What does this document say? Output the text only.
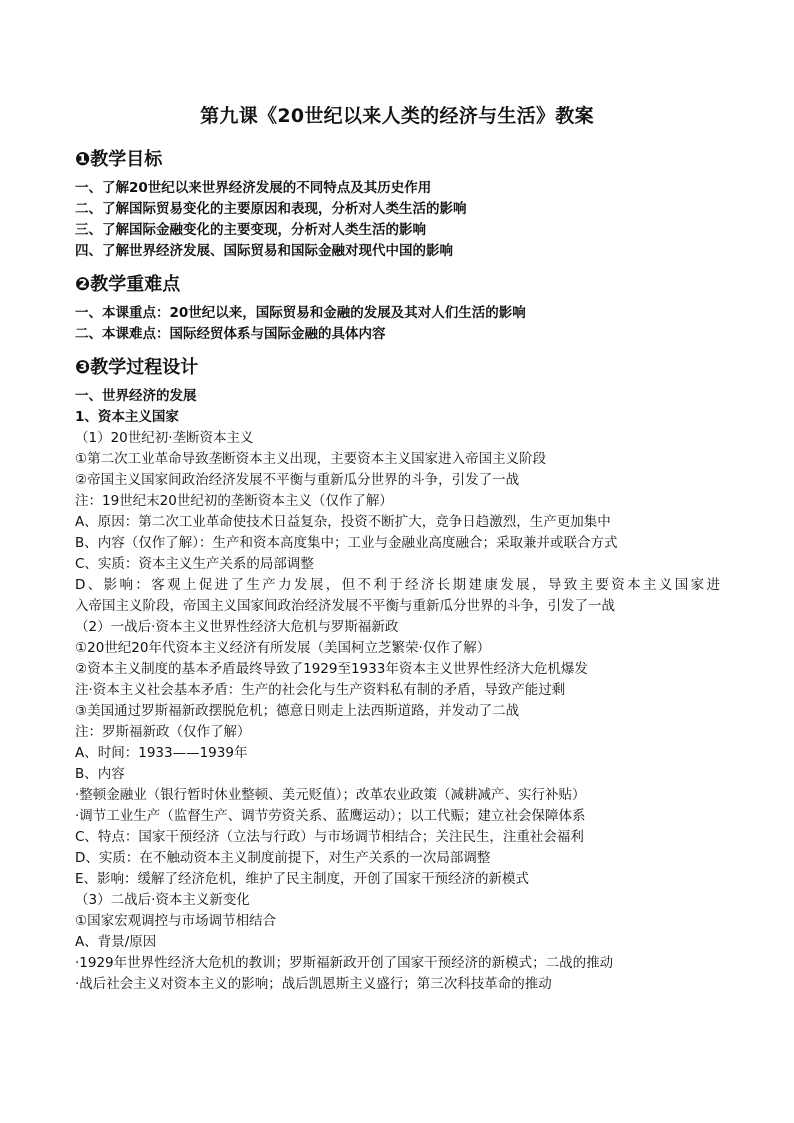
第九课《20世纪以来人类的经济与生活》教案
❶教学目标
一、了解20世纪以来世界经济发展的不同特点及其历史作用
二、了解国际贸易变化的主要原因和表现，分析对人类生活的影响
三、了解国际金融变化的主要变现，分析对人类生活的影响
四、了解世界经济发展、国际贸易和国际金融对现代中国的影响
❷教学重难点
一、本课重点：20世纪以来，国际贸易和金融的发展及其对人们生活的影响
二、本课难点：国际经贸体系与国际金融的具体内容
❸教学过程设计
一、世界经济的发展
1、资本主义国家
（1）20世纪初·垄断资本主义
①第二次工业革命导致垄断资本主义出现，主要资本主义国家进入帝国主义阶段
②帝国主义国家间政治经济发展不平衡与重新瓜分世界的斗争，引发了一战
注：19世纪末20世纪初的垄断资本主义（仅作了解）
A、原因：第二次工业革命使技术日益复杂，投资不断扩大，竞争日趋激烈，生产更加集中
B、内容（仅作了解）：生产和资本高度集中；工业与金融业高度融合；采取兼并或联合方式
C、实质：资本主义生产关系的局部调整
D、影响：客观上促进了生产力发展，但不利于经济长期建康发展，导致主要资本主义国家进
入帝国主义阶段，帝国主义国家间政治经济发展不平衡与重新瓜分世界的斗争，引发了一战
（2）一战后·资本主义世界性经济大危机与罗斯福新政
①20世纪20年代资本主义经济有所发展（美国柯立芝繁荣·仅作了解）
②资本主义制度的基本矛盾最终导致了1929至1933年资本主义世界性经济大危机爆发
注·资本主义社会基本矛盾：生产的社会化与生产资料私有制的矛盾，导致产能过剩
③美国通过罗斯福新政摆脱危机；德意日则走上法西斯道路，并发动了二战
注：罗斯福新政（仅作了解）
A、时间：1933——1939年
B、内容
·整顿金融业（银行暂时休业整顿、美元贬值）；改革农业政策（减耕减产、实行补贴）
·调节工业生产（监督生产、调节劳资关系、蓝鹰运动）；以工代赈；建立社会保障体系
C、特点：国家干预经济（立法与行政）与市场调节相结合；关注民生，注重社会福利
D、实质：在不触动资本主义制度前提下，对生产关系的一次局部调整
E、影响：缓解了经济危机，维护了民主制度，开创了国家干预经济的新模式
（3）二战后·资本主义新变化
①国家宏观调控与市场调节相结合
A、背景/原因
·1929年世界性经济大危机的教训；罗斯福新政开创了国家干预经济的新模式；二战的推动
·战后社会主义对资本主义的影响；战后凯恩斯主义盛行；第三次科技革命的推动
